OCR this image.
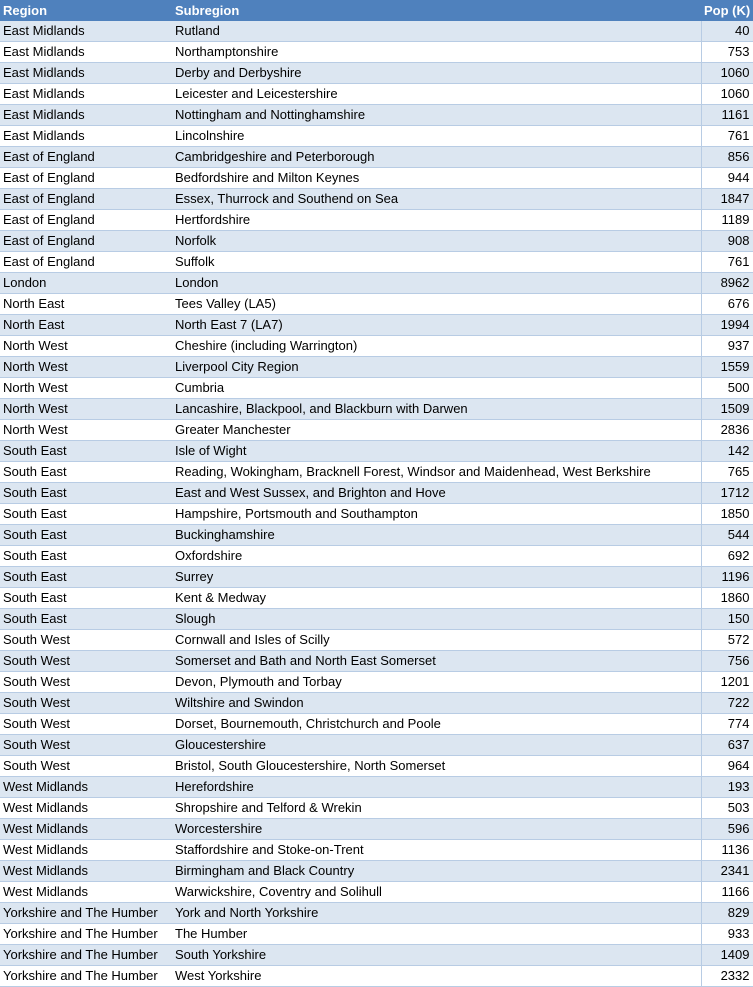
Region	Subregion	Pop (K)
East Midlands	Rutland	40
East Midlands	Northamptonshire	753
East Midlands	Derby and Derbyshire	1060
East Midlands	Leicester and Leicestershire	1060
East Midlands	Nottingham and Nottinghamshire	1161
East Midlands	Lincolnshire	761
East of England	Cambridgeshire and Peterborough	856
East of England	Bedfordshire and Milton Keynes	944
East of England	Essex, Thurrock and Southend on Sea	1847
East of England	Hertfordshire	1189
East of England	Norfolk	908
East of England	Suffolk	761
London	London	8962
North East	Tees Valley (LA5)	676
North East	North East 7 (LA7)	1994
North West	Cheshire (including Warrington)	937
North West	Liverpool City Region	1559
North West	Cumbria	500
North West	Lancashire, Blackpool, and Blackburn with Darwen	1509
North West	Greater Manchester	2836
South East	Isle of Wight	142
South East	Reading, Wokingham, Bracknell Forest, Windsor and Maidenhead, West Berkshire	765
South East	East and West Sussex, and Brighton and Hove	1712
South East	Hampshire, Portsmouth and Southampton	1850
South East	Buckinghamshire	544
South East	Oxfordshire	692
South East	Surrey	1196
South East	Kent & Medway	1860
South East	Slough	150
South West	Cornwall and Isles of Scilly	572
South West	Somerset and Bath and North East Somerset	756
South West	Devon, Plymouth and Torbay	1201
South West	Wiltshire and Swindon	722
South West	Dorset, Bournemouth, Christchurch and Poole	774
South West	Gloucestershire	637
South West	Bristol, South Gloucestershire, North Somerset	964
West Midlands	Herefordshire	193
West Midlands	Shropshire and Telford & Wrekin	503
West Midlands	Worcestershire	596
West Midlands	Staffordshire and Stoke-on-Trent	1136
West Midlands	Birmingham and Black Country	2341
West Midlands	Warwickshire, Coventry and Solihull	1166
Yorkshire and The Humber	York and North Yorkshire	829
Yorkshire and The Humber	The Humber	933
Yorkshire and The Humber	South Yorkshire	1409
Yorkshire and The Humber	West Yorkshire	2332
